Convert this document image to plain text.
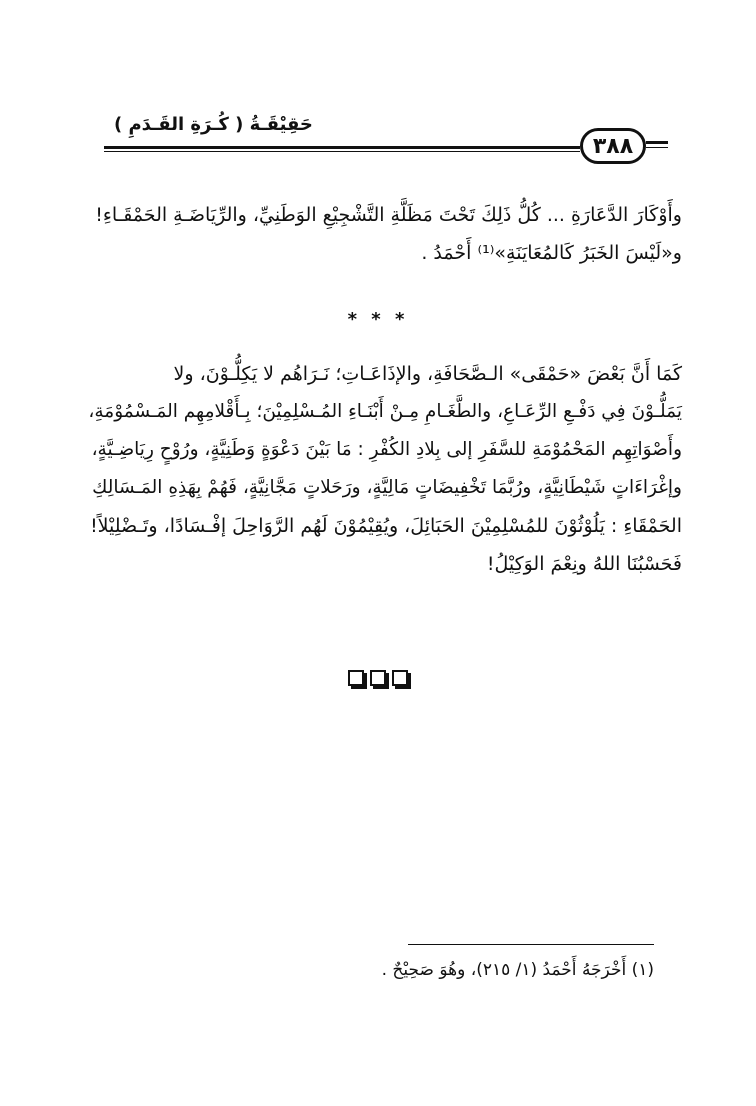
حَقِيْقَـةُ ( كُـرَةِ القَـدَمِ )
٣٨٨
وأَوْكَارَ الدَّعَارَةِ ... كُلُّ ذَلِكَ تَحْتَ مَظَلَّةِ التَّشْجِيْعِ الوَطَنِيِّ، والرِّيَاضَـةِ الحَمْقَـاءِ!
و«لَيْسَ الخَبَرُ كَالمُعَايَنَةِ»⁽¹⁾ أَحْمَدُ .
* * *
كَمَا أَنَّ بَعْضَ «حَمْقَى» الـصَّحَافَةِ، والإذَاعَـاتِ؛ نَـرَاهُم لا يَكِلُّـوْنَ، ولا
يَمَلُّـوْنَ فِي دَفْـعِ الرِّعَـاعِ، والطَّغَـامِ مِـنْ أَبْنَـاءِ المُـسْلِمِيْنَ؛ بِـأَقْلامِهِم المَـسْمُوْمَةِ،
وأَصْوَاتِهِم المَحْمُوْمَةِ للسَّفَرِ إلى بِلادِ الكُفْرِ : مَا بَيْنَ دَعْوَةٍ وَطَنِيَّةٍ، ورُوْحٍ رِيَاضِـيَّةٍ،
وإغْرَاءَاتٍ شَيْطَانِيَّةٍ، ورُبَّمَا تَخْفِيضَاتٍ مَالِيَّةٍ، ورَحَلاتٍ مَجَّانِيَّةٍ، فَهُمْ بِهَذِهِ المَـسَالِكِ
الحَمْقَاءِ : يَلُوْثُوْنَ للمُسْلِمِيْنَ الحَبَائِلَ، ويُقِيْمُوْنَ لَهُم الرَّوَاحِلَ إفْـسَادًا، وتَـضْلِيْلاً!
فَحَسْبُنَا اللهُ ونِعْمَ الوَكِيْلُ!
(١) أَخْرَجَهُ أَحْمَدُ (١/ ٢١٥)، وهُوَ صَحِيْحٌ .
